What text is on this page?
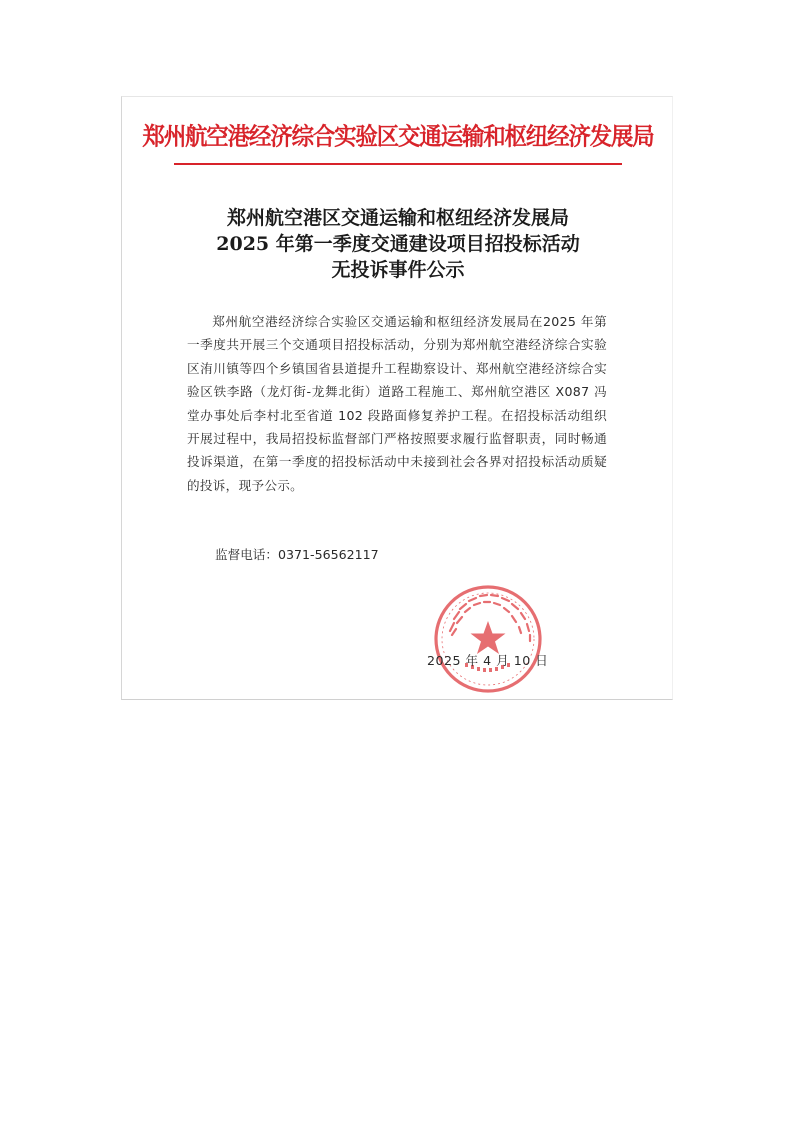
郑州航空港经济综合实验区交通运输和枢纽经济发展局
郑州航空港区交通运输和枢纽经济发展局
2025 年第一季度交通建设项目招投标活动
无投诉事件公示
郑州航空港经济综合实验区交通运输和枢纽经济发展局在2025 年第一季度共开展三个交通项目招投标活动，分别为郑州航空港经济综合实验区洧川镇等四个乡镇国省县道提升工程勘察设计、郑州航空港经济综合实验区铁李路（龙灯街-龙舞北街）道路工程施工、郑州航空港区 X087 冯堂办事处后李村北至省道 102 段路面修复养护工程。在招投标活动组织开展过程中，我局招投标监督部门严格按照要求履行监督职责，同时畅通投诉渠道，在第一季度的招投标活动中未接到社会各界对招投标活动质疑的投诉，现予公示。
监督电话：0371-56562117
2025 年 4 月 10 日
